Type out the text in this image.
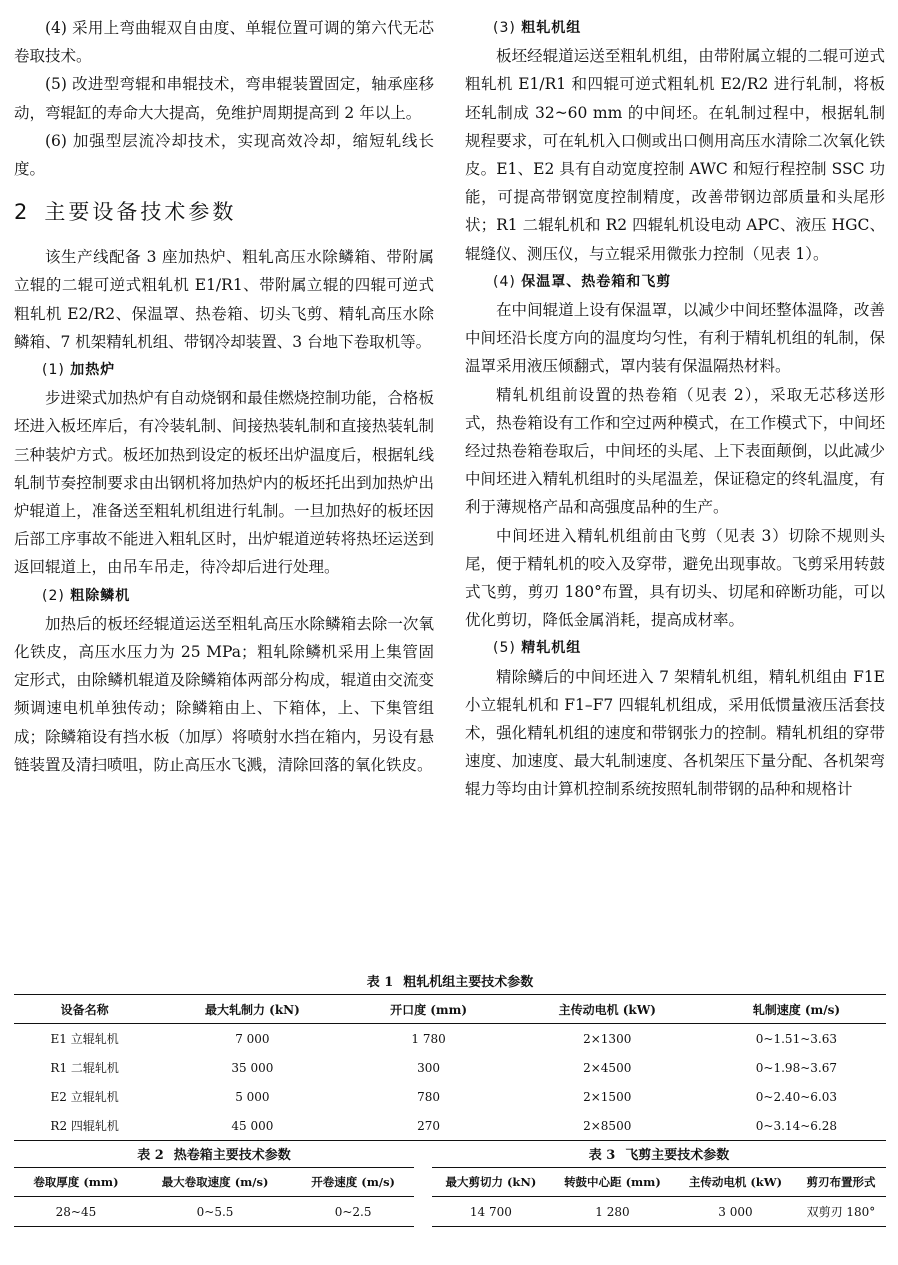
(4) 采用上弯曲辊双自由度、单辊位置可调的第六代无芯卷取技术。

(5) 改进型弯辊和串辊技术，弯串辊装置固定，轴承座移动，弯辊缸的寿命大大提高，免维护周期提高到 2 年以上。

(6) 加强型层流冷却技术，实现高效冷却，缩短轧线长度。

2 主要设备技术参数

该生产线配备 3 座加热炉、粗轧高压水除鳞箱、带附属立辊的二辊可逆式粗轧机 E1/R1、带附属立辊的四辊可逆式粗轧机 E2/R2、保温罩、热卷箱、切头飞剪、精轧高压水除鳞箱、7 机架精轧机组、带钢冷却装置、3 台地下卷取机等。

(1) 加热炉

步进梁式加热炉有自动烧钢和最佳燃烧控制功能，合格板坯进入板坯库后，有冷装轧制、间接热装轧制和直接热装轧制三种装炉方式。板坯加热到设定的板坯出炉温度后，根据轧线轧制节奏控制要求由出钢机将加热炉内的板坯托出到加热炉出炉辊道上，准备送至粗轧机组进行轧制。一旦加热好的板坯因后部工序事故不能进入粗轧区时，出炉辊道逆转将热坯运送到返回辊道上，由吊车吊走，待冷却后进行处理。

(2) 粗除鳞机

加热后的板坯经辊道运送至粗轧高压水除鳞箱去除一次氧化铁皮，高压水压力为 25 MPa；粗轧除鳞机采用上集管固定形式，由除鳞机辊道及除鳞箱体两部分构成，辊道由交流变频调速电机单独传动；除鳞箱由上、下箱体，上、下集管组成；除鳞箱设有挡水板（加厚）将喷射水挡在箱内，另设有悬链装置及清扫喷咀，防止高压水飞溅，清除回落的氧化铁皮。

(3) 粗轧机组

板坯经辊道运送至粗轧机组，由带附属立辊的二辊可逆式粗轧机 E1/R1 和四辊可逆式粗轧机 E2/R2 进行轧制，将板坯轧制成 32~60 mm 的中间坯。在轧制过程中，根据轧制规程要求，可在轧机入口侧或出口侧用高压水清除二次氧化铁皮。E1、E2 具有自动宽度控制 AWC 和短行程控制 SSC 功能，可提高带钢宽度控制精度，改善带钢边部质量和头尾形状；R1 二辊轧机和 R2 四辊轧机设电动 APC、液压 HGC、辊缝仪、测压仪，与立辊采用微张力控制（见表 1）。

(4) 保温罩、热卷箱和飞剪

在中间辊道上设有保温罩，以减少中间坯整体温降，改善中间坯沿长度方向的温度均匀性，有利于精轧机组的轧制，保温罩采用液压倾翻式，罩内装有保温隔热材料。

精轧机组前设置的热卷箱（见表 2），采取无芯移送形式，热卷箱设有工作和空过两种模式，在工作模式下，中间坯经过热卷箱卷取后，中间坯的头尾、上下表面颠倒，以此减少中间坯进入精轧机组时的头尾温差，保证稳定的终轧温度，有利于薄规格产品和高强度品种的生产。

中间坯进入精轧机组前由飞剪（见表 3）切除不规则头尾，便于精轧机的咬入及穿带，避免出现事故。飞剪采用转鼓式飞剪，剪刃 180°布置，具有切头、切尾和碎断功能，可以优化剪切，降低金属消耗，提高成材率。

(5) 精轧机组

精除鳞后的中间坯进入 7 架精轧机组，精轧机组由 F1E 小立辊轧机和 F1–F7 四辊轧机组成，采用低惯量液压活套技术，强化精轧机组的速度和带钢张力的控制。精轧机组的穿带速度、加速度、最大轧制速度、各机架压下量分配、各机架弯辊力等均由计算机控制系统按照轧制带钢的品种和规格计

表 1 粗轧机组主要技术参数
设备名称	最大轧制力 (kN)	开口度 (mm)	主传动电机 (kW)	轧制速度 (m/s)
E1 立辊轧机	7 000	1 780	2×1300	0~1.51~3.63
R1 二辊轧机	35 000	300	2×4500	0~1.98~3.67
E2 立辊轧机	5 000	780	2×1500	0~2.40~6.03
R2 四辊轧机	45 000	270	2×8500	0~3.14~6.28
表 2 热卷箱主要技术参数
卷取厚度 (mm)	最大卷取速度 (m/s)	开卷速度 (m/s)
28~45	0~5.5	0~2.5
表 3 飞剪主要技术参数
最大剪切力 (kN)	转鼓中心距 (mm)	主传动电机 (kW)	剪刃布置形式
14 700	1 280	3 000	双剪刃 180°
